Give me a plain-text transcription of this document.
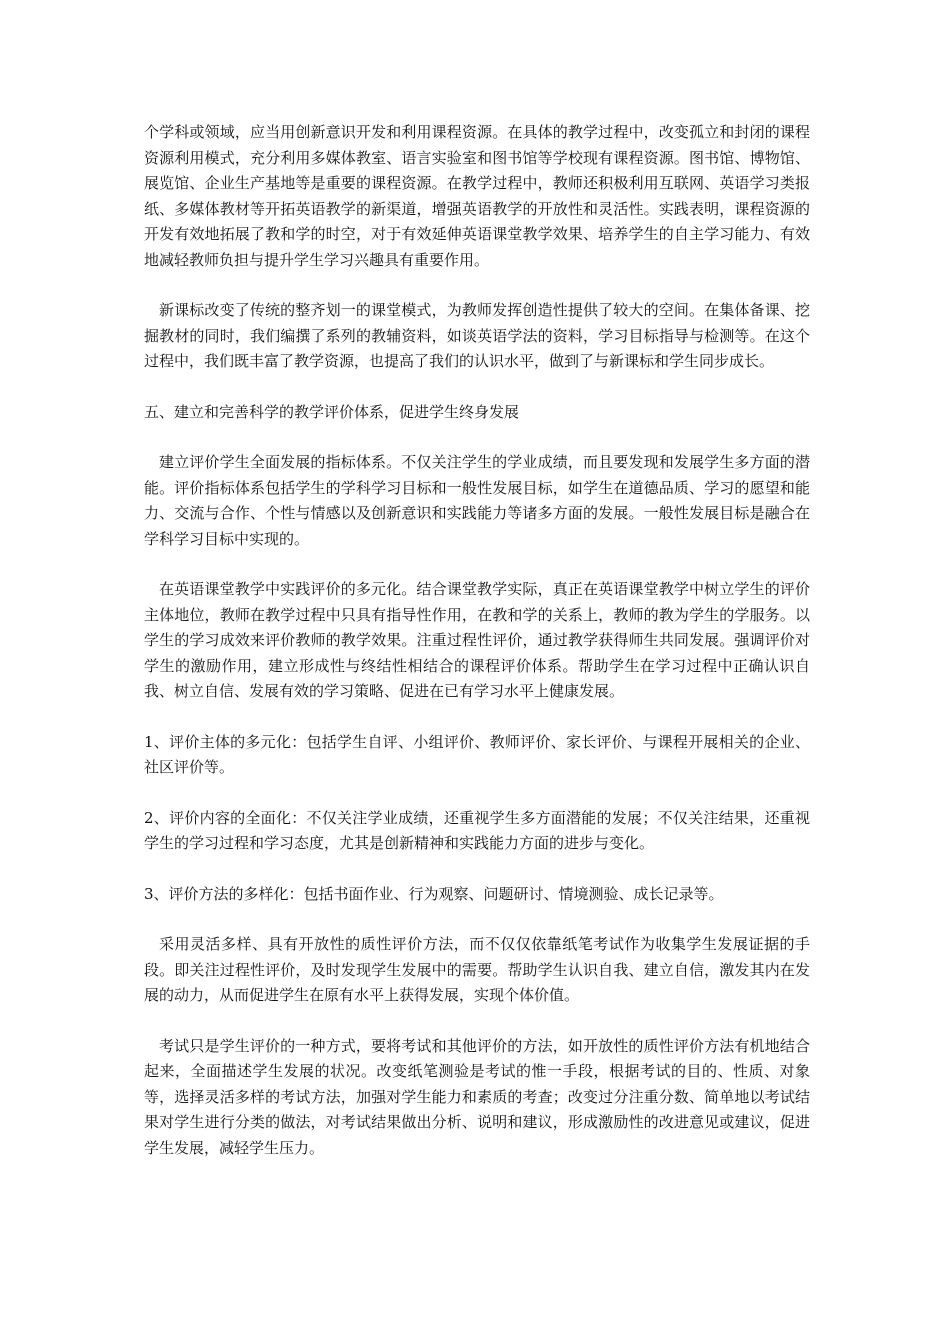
个学科或领域，应当用创新意识开发和利用课程资源。在具体的教学过程中，改变孤立和封闭的课程资源利用模式，充分利用多媒体教室、语言实验室和图书馆等学校现有课程资源。图书馆、博物馆、展览馆、企业生产基地等是重要的课程资源。在教学过程中，教师还积极利用互联网、英语学习类报纸、多媒体教材等开拓英语教学的新渠道，增强英语教学的开放性和灵活性。实践表明，课程资源的开发有效地拓展了教和学的时空，对于有效延伸英语课堂教学效果、培养学生的自主学习能力、有效地减轻教师负担与提升学生学习兴趣具有重要作用。

新课标改变了传统的整齐划一的课堂模式，为教师发挥创造性提供了较大的空间。在集体备课、挖掘教材的同时，我们编撰了系列的教辅资料，如谈英语学法的资料，学习目标指导与检测等。在这个过程中，我们既丰富了教学资源，也提高了我们的认识水平，做到了与新课标和学生同步成长。

五、建立和完善科学的教学评价体系，促进学生终身发展

建立评价学生全面发展的指标体系。不仅关注学生的学业成绩，而且要发现和发展学生多方面的潜能。评价指标体系包括学生的学科学习目标和一般性发展目标，如学生在道德品质、学习的愿望和能力、交流与合作、个性与情感以及创新意识和实践能力等诸多方面的发展。一般性发展目标是融合在学科学习目标中实现的。

在英语课堂教学中实践评价的多元化。结合课堂教学实际，真正在英语课堂教学中树立学生的评价主体地位，教师在教学过程中只具有指导性作用，在教和学的关系上，教师的教为学生的学服务。以学生的学习成效来评价教师的教学效果。注重过程性评价，通过教学获得师生共同发展。强调评价对学生的激励作用，建立形成性与终结性相结合的课程评价体系。帮助学生在学习过程中正确认识自我、树立自信、发展有效的学习策略、促进在已有学习水平上健康发展。

1、评价主体的多元化：包括学生自评、小组评价、教师评价、家长评价、与课程开展相关的企业、社区评价等。

2、评价内容的全面化：不仅关注学业成绩，还重视学生多方面潜能的发展；不仅关注结果，还重视学生的学习过程和学习态度，尤其是创新精神和实践能力方面的进步与变化。

3、评价方法的多样化：包括书面作业、行为观察、问题研讨、情境测验、成长记录等。

采用灵活多样、具有开放性的质性评价方法，而不仅仅依靠纸笔考试作为收集学生发展证据的手段。即关注过程性评价，及时发现学生发展中的需要。帮助学生认识自我、建立自信，激发其内在发展的动力，从而促进学生在原有水平上获得发展，实现个体价值。

考试只是学生评价的一种方式，要将考试和其他评价的方法，如开放性的质性评价方法有机地结合起来，全面描述学生发展的状况。改变纸笔测验是考试的惟一手段，根据考试的目的、性质、对象等，选择灵活多样的考试方法，加强对学生能力和素质的考查；改变过分注重分数、简单地以考试结果对学生进行分类的做法，对考试结果做出分析、说明和建议，形成激励性的改进意见或建议，促进学生发展，减轻学生压力。
